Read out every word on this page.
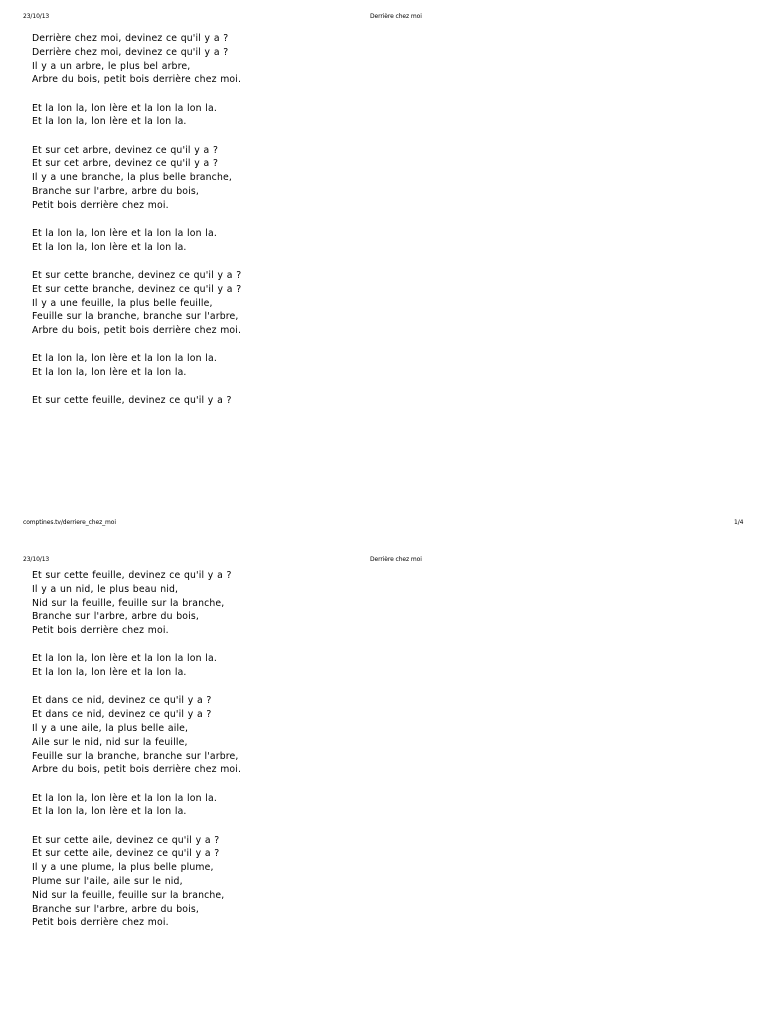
23/10/13	Derrière chez moi
Derrière chez moi, devinez ce qu'il y a ?
Derrière chez moi, devinez ce qu'il y a ?
Il y a un arbre, le plus bel arbre,
Arbre du bois, petit bois derrière chez moi.
Et la lon la, lon lère et la lon la lon la.
Et la lon la, lon lère et la lon la.
Et sur cet arbre, devinez ce qu'il y a ?
Et sur cet arbre, devinez ce qu'il y a ?
Il y a une branche, la plus belle branche,
Branche sur l'arbre, arbre du bois,
Petit bois derrière chez moi.
Et la lon la, lon lère et la lon la lon la.
Et la lon la, lon lère et la lon la.
Et sur cette branche, devinez ce qu'il y a ?
Et sur cette branche, devinez ce qu'il y a ?
Il y a une feuille, la plus belle feuille,
Feuille sur la branche, branche sur l'arbre,
Arbre du bois, petit bois derrière chez moi.
Et la lon la, lon lère et la lon la lon la.
Et la lon la, lon lère et la lon la.
Et sur cette feuille, devinez ce qu'il y a ?
comptines.tv/derriere_chez_moi	1/4
23/10/13	Derrière chez moi
Et sur cette feuille, devinez ce qu'il y a ?
Il y a un nid, le plus beau nid,
Nid sur la feuille, feuille sur la branche,
Branche sur l'arbre, arbre du bois,
Petit bois derrière chez moi.
Et la lon la, lon lère et la lon la lon la.
Et la lon la, lon lère et la lon la.
Et dans ce nid, devinez ce qu'il y a ?
Et dans ce nid, devinez ce qu'il y a ?
Il y a une aile, la plus belle aile,
Aile sur le nid, nid sur la feuille,
Feuille sur la branche, branche sur l'arbre,
Arbre du bois, petit bois derrière chez moi.
Et la lon la, lon lère et la lon la lon la.
Et la lon la, lon lère et la lon la.
Et sur cette aile, devinez ce qu'il y a ?
Et sur cette aile, devinez ce qu'il y a ?
Il y a une plume, la plus belle plume,
Plume sur l'aile, aile sur le nid,
Nid sur la feuille, feuille sur la branche,
Branche sur l'arbre, arbre du bois,
Petit bois derrière chez moi.
